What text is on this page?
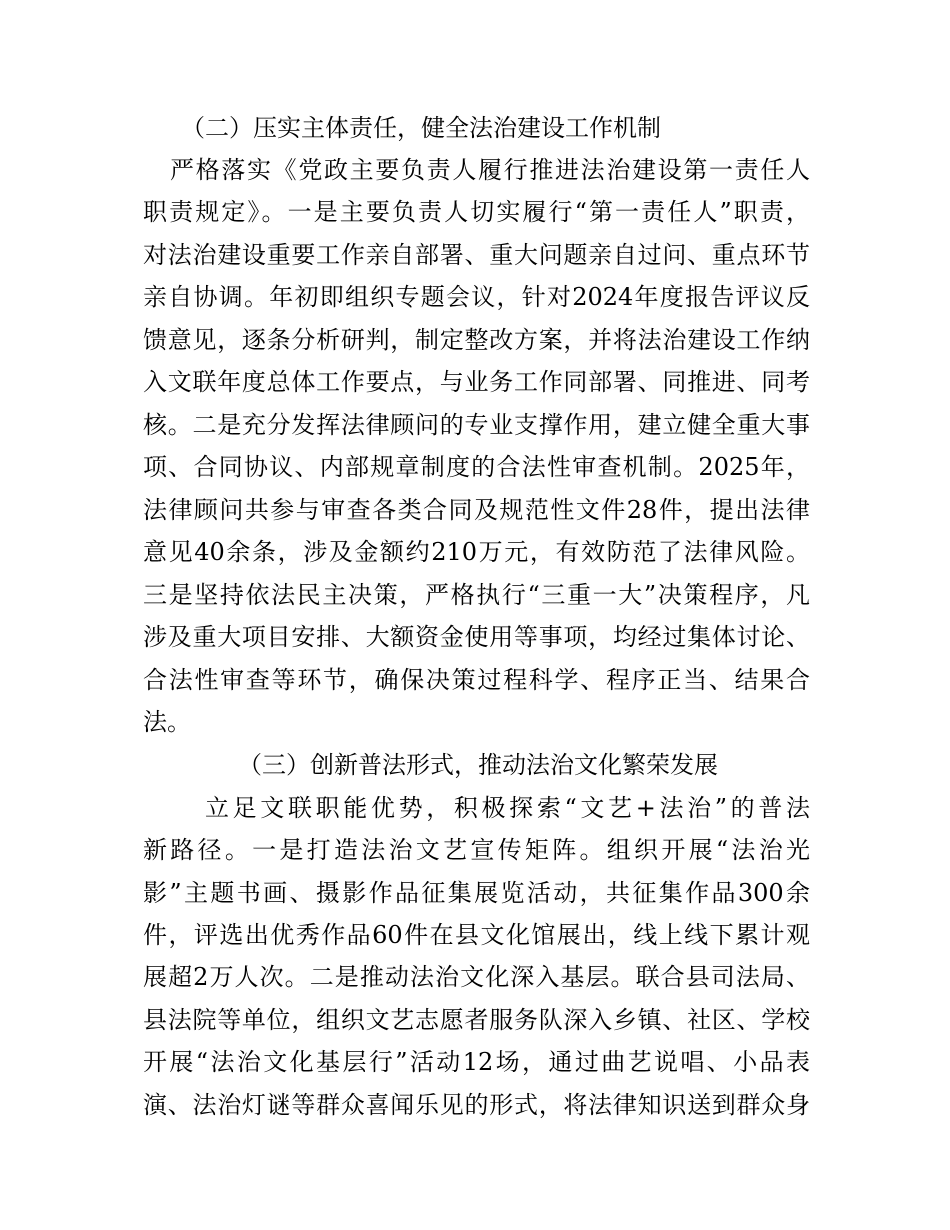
（二）压实主体责任，健全法治建设工作机制
严格落实《党政主要负责人履行推进法治建设第一责任人
职责规定》。一是主要负责人切实履行“第一责任人”职责，
对法治建设重要工作亲自部署、重大问题亲自过问、重点环节
亲自协调。年初即组织专题会议，针对2024年度报告评议反
馈意见，逐条分析研判，制定整改方案，并将法治建设工作纳
入文联年度总体工作要点，与业务工作同部署、同推进、同考
核。二是充分发挥法律顾问的专业支撑作用，建立健全重大事
项、合同协议、内部规章制度的合法性审查机制。2025年，
法律顾问共参与审查各类合同及规范性文件28件，提出法律
意见40余条，涉及金额约210万元，有效防范了法律风险。
三是坚持依法民主决策，严格执行“三重一大”决策程序，凡
涉及重大项目安排、大额资金使用等事项，均经过集体讨论、
合法性审查等环节，确保决策过程科学、程序正当、结果合
法。
（三）创新普法形式，推动法治文化繁荣发展
立足文联职能优势，积极探索“文艺+法治”的普法
新路径。一是打造法治文艺宣传矩阵。组织开展“法治光
影”主题书画、摄影作品征集展览活动，共征集作品300余
件，评选出优秀作品60件在县文化馆展出，线上线下累计观
展超2万人次。二是推动法治文化深入基层。联合县司法局、
县法院等单位，组织文艺志愿者服务队深入乡镇、社区、学校
开展“法治文化基层行”活动12场，通过曲艺说唱、小品表
演、法治灯谜等群众喜闻乐见的形式，将法律知识送到群众身
